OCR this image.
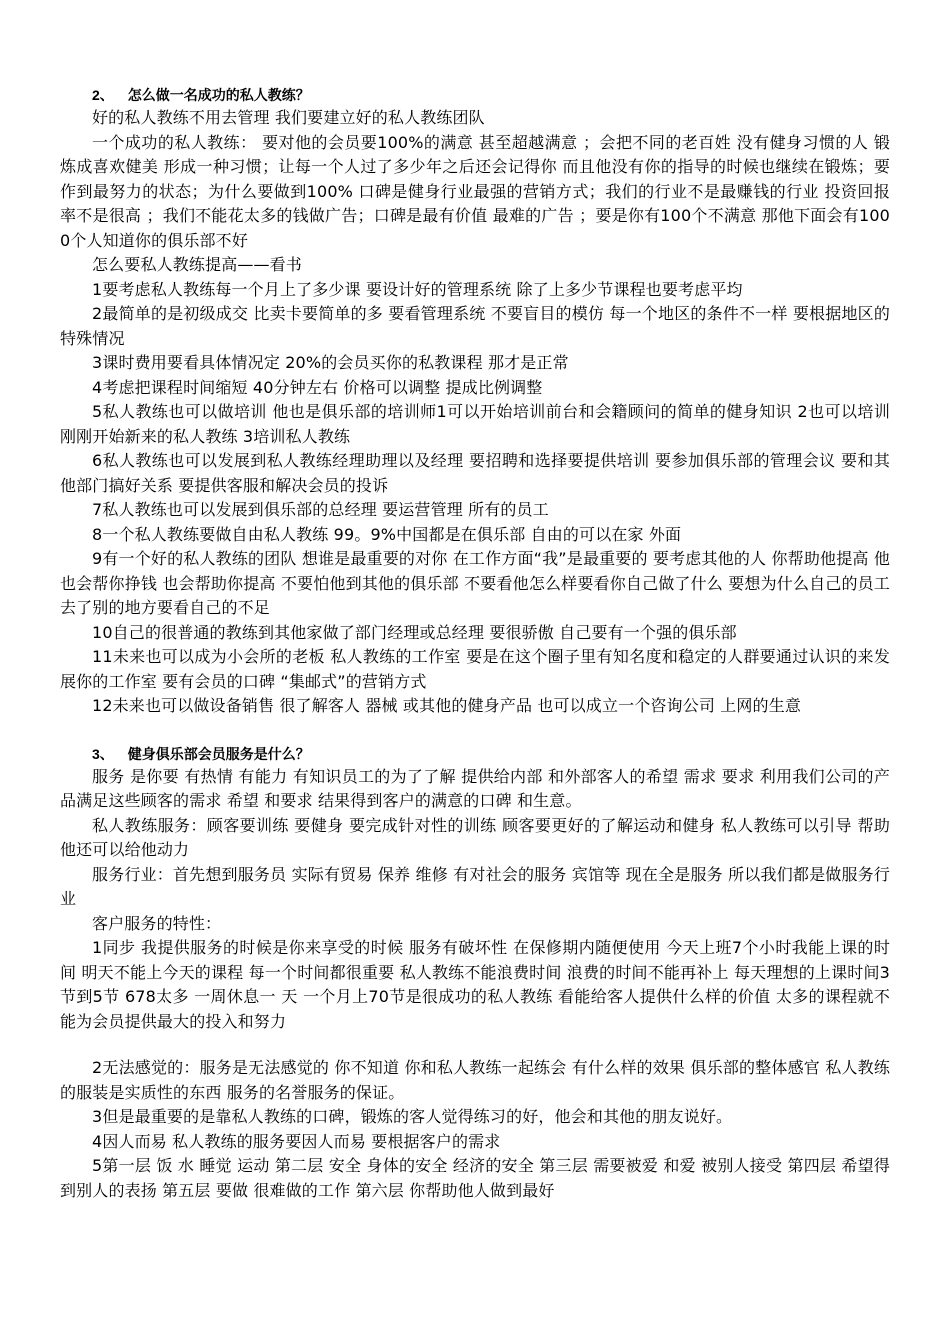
2、 怎么做一名成功的私人教练？
好的私人教练不用去管理 我们要建立好的私人教练团队
一个成功的私人教练： 要对他的会员要100%的满意 甚至超越满意 ；会把不同的老百姓 没有健身习惯的人 锻炼成喜欢健美 形成一种习惯；让每一个人过了多少年之后还会记得你 而且他没有你的指导的时候也继续在锻炼；要作到最努力的状态；为什么要做到100% 口碑是健身行业最强的营销方式；我们的行业不是最赚钱的行业 投资回报率不是很高 ；我们不能花太多的钱做广告；口碑是最有价值 最难的广告 ；要是你有100个不满意 那他下面会有1000个人知道你的俱乐部不好
怎么要私人教练提高——看书
1要考虑私人教练每一个月上了多少课 要设计好的管理系统 除了上多少节课程也要考虑平均
2最简单的是初级成交 比卖卡要简单的多 要看管理系统 不要盲目的模仿 每一个地区的条件不一样 要根据地区的特殊情况
3课时费用要看具体情况定 20%的会员买你的私教课程 那才是正常
4考虑把课程时间缩短 40分钟左右 价格可以调整 提成比例调整
5私人教练也可以做培训 他也是俱乐部的培训师1可以开始培训前台和会籍顾问的简单的健身知识 2也可以培训刚刚开始新来的私人教练 3培训私人教练
6私人教练也可以发展到私人教练经理助理以及经理 要招聘和选择要提供培训 要参加俱乐部的管理会议 要和其他部门搞好关系 要提供客服和解决会员的投诉
7私人教练也可以发展到俱乐部的总经理 要运营管理 所有的员工
8一个私人教练要做自由私人教练 99。9%中国都是在俱乐部 自由的可以在家 外面
9有一个好的私人教练的团队 想谁是最重要的对你 在工作方面“我”是最重要的 要考虑其他的人 你帮助他提高 他也会帮你挣钱 也会帮助你提高 不要怕他到其他的俱乐部 不要看他怎么样要看你自己做了什么 要想为什么自己的员工去了别的地方要看自己的不足
10自己的很普通的教练到其他家做了部门经理或总经理 要很骄傲 自己要有一个强的俱乐部
11未来也可以成为小会所的老板 私人教练的工作室 要是在这个圈子里有知名度和稳定的人群要通过认识的来发展你的工作室 要有会员的口碑 “集邮式”的营销方式
12未来也可以做设备销售 很了解客人 器械 或其他的健身产品 也可以成立一个咨询公司 上网的生意
3、 健身俱乐部会员服务是什么？
服务 是你要 有热情 有能力 有知识员工的为了了解 提供给内部 和外部客人的希望 需求 要求 利用我们公司的产品满足这些顾客的需求 希望 和要求 结果得到客户的满意的口碑 和生意。
私人教练服务：顾客要训练 要健身 要完成针对性的训练 顾客要更好的了解运动和健身 私人教练可以引导 帮助他还可以给他动力
服务行业：首先想到服务员 实际有贸易 保养 维修 有对社会的服务 宾馆等 现在全是服务 所以我们都是做服务行业
客户服务的特性：
1同步 我提供服务的时候是你来享受的时候 服务有破坏性 在保修期内随便使用 今天上班7个小时我能上课的时间 明天不能上今天的课程 每一个时间都很重要 私人教练不能浪费时间 浪费的时间不能再补上 每天理想的上课时间3节到5节 678太多 一周休息一 天 一个月上70节是很成功的私人教练 看能给客人提供什么样的价值 太多的课程就不能为会员提供最大的投入和努力
2无法感觉的：服务是无法感觉的 你不知道 你和私人教练一起练会 有什么样的效果 俱乐部的整体感官 私人教练的服装是实质性的东西 服务的名誉服务的保证。
3但是最重要的是靠私人教练的口碑，锻炼的客人觉得练习的好，他会和其他的朋友说好。
4因人而易 私人教练的服务要因人而易 要根据客户的需求
5第一层 饭 水 睡觉 运动 第二层 安全 身体的安全 经济的安全 第三层 需要被爱 和爱 被别人接受 第四层 希望得到别人的表扬 第五层 要做 很难做的工作 第六层 你帮助他人做到最好
